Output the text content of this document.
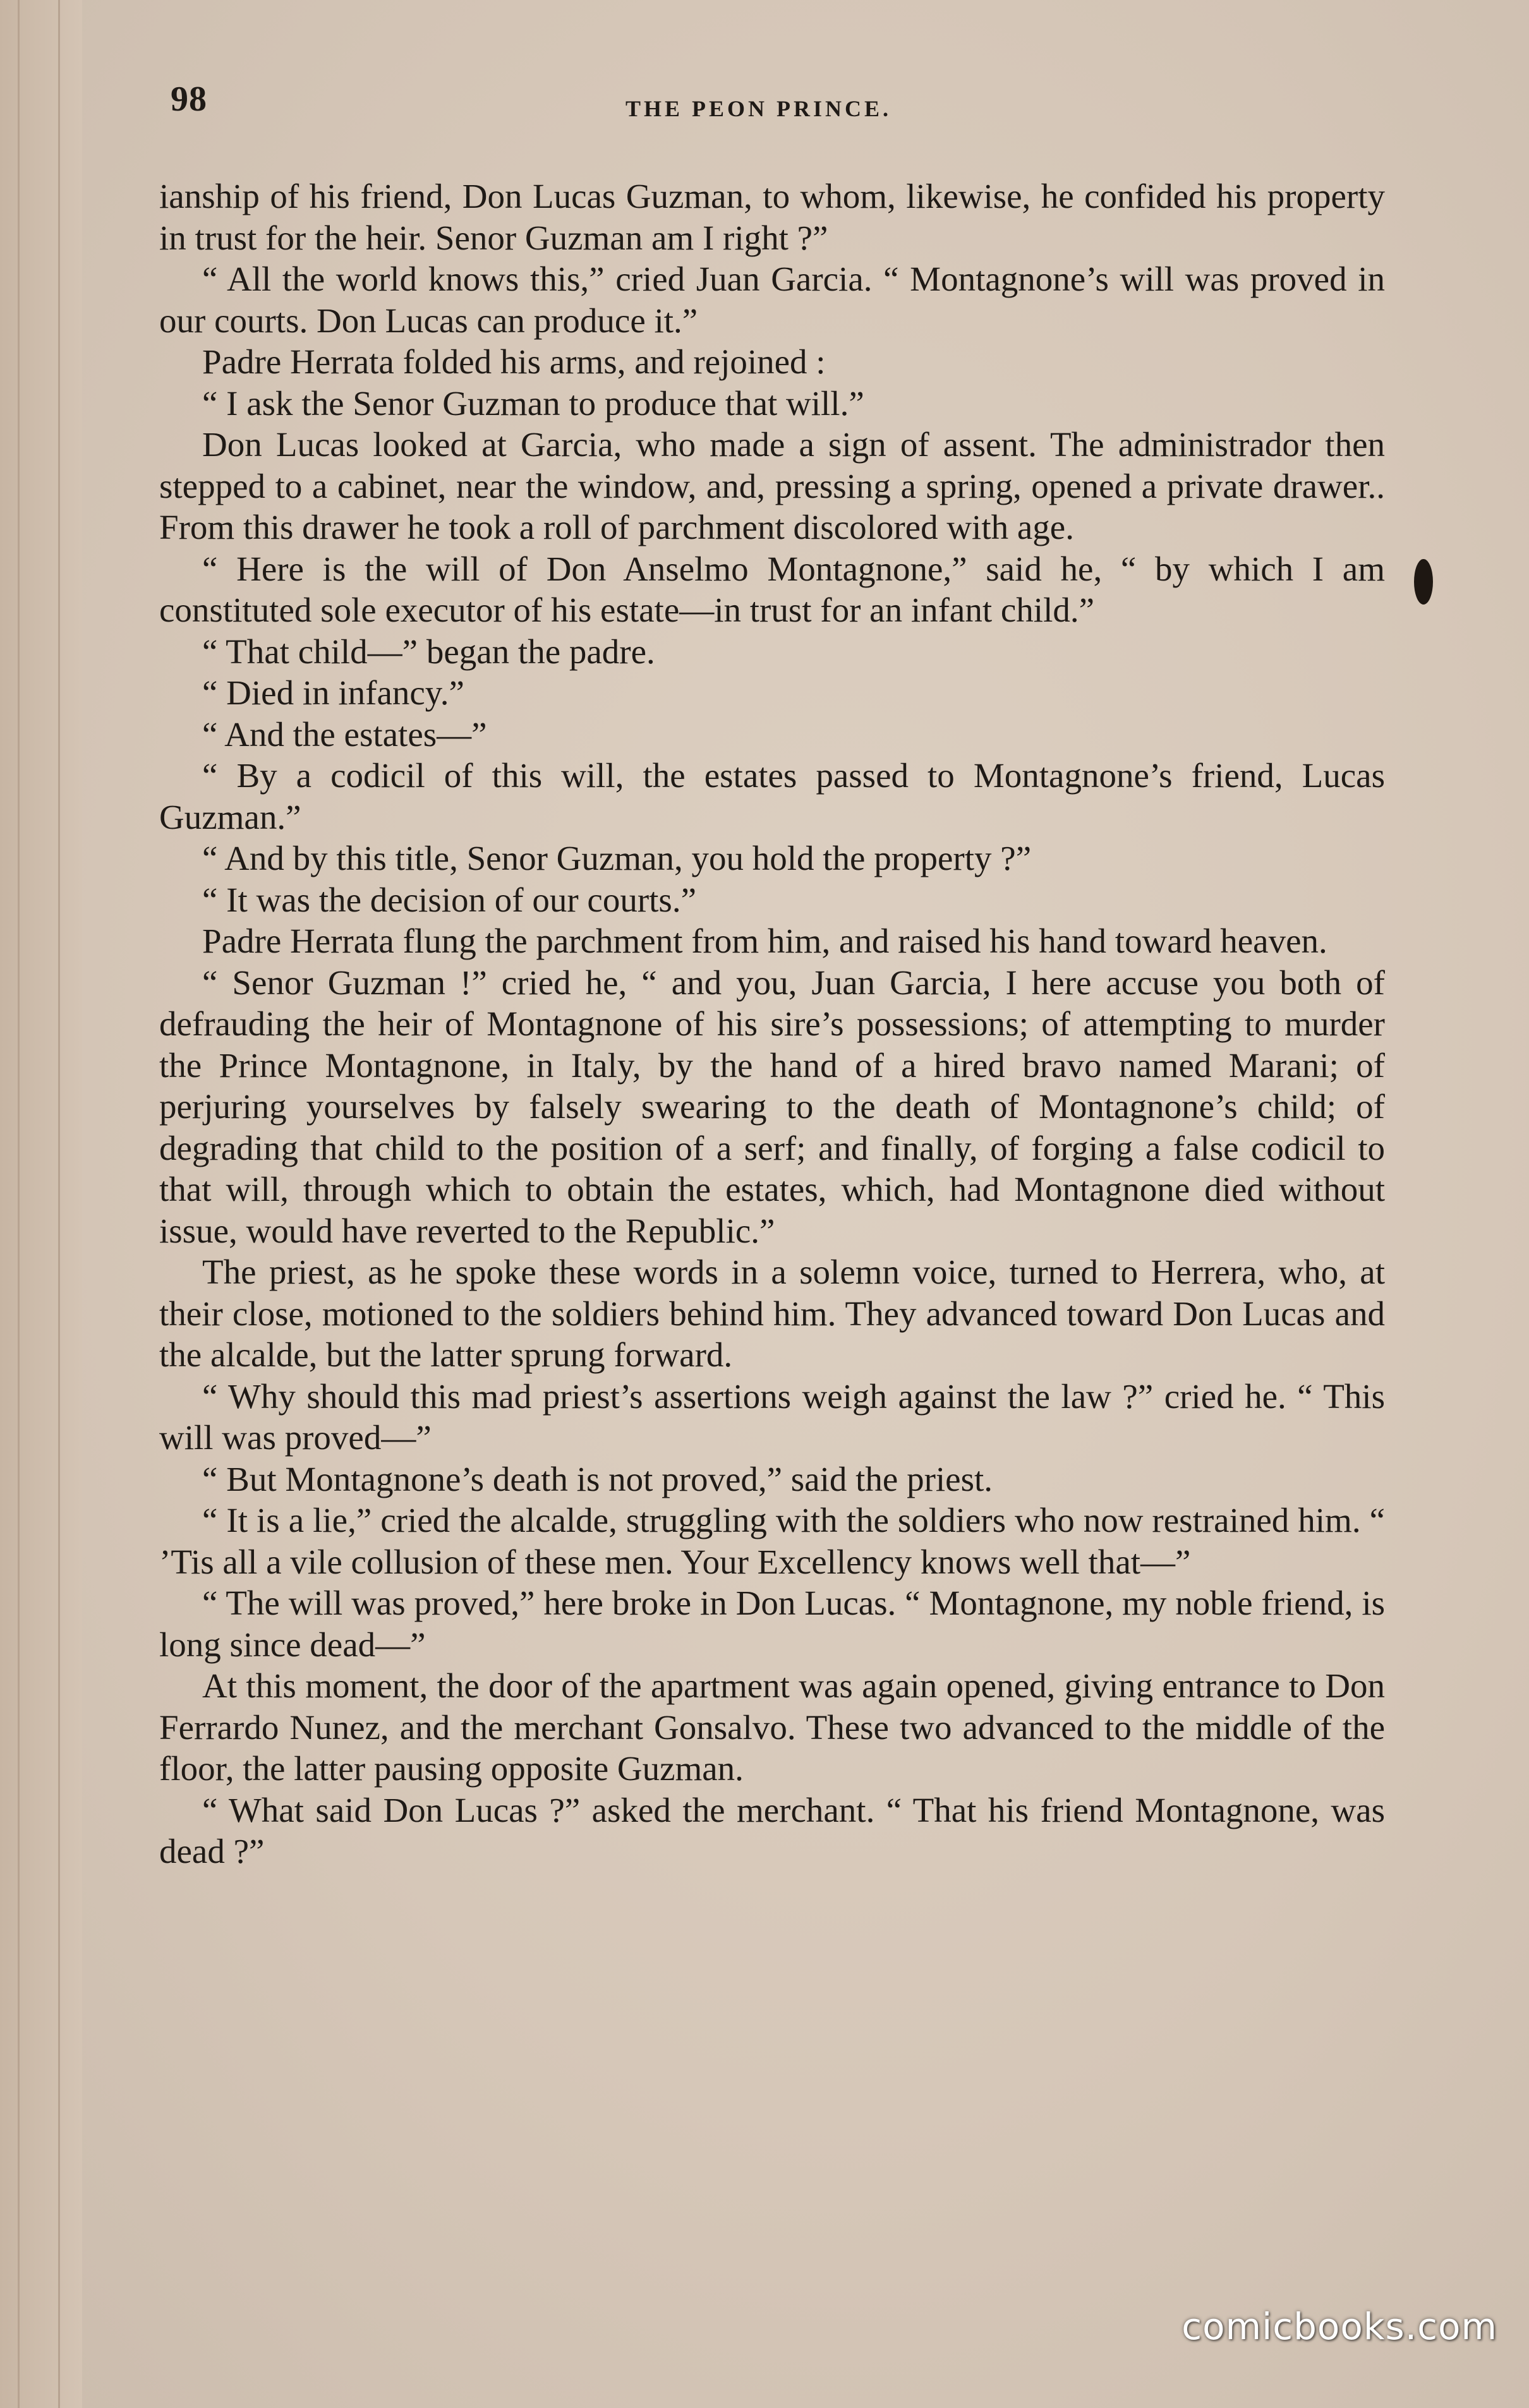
98	THE PEON PRINCE.

ianship of his friend, Don Lucas Guzman, to whom, likewise, he confided his property in trust for the heir. Senor Guzman am I right ?”

“ All the world knows this,” cried Juan Garcia. “ Montagnone’s will was proved in our courts. Don Lucas can produce it.”

Padre Herrata folded his arms, and rejoined :

“ I ask the Senor Guzman to produce that will.”

Don Lucas looked at Garcia, who made a sign of assent. The administrador then stepped to a cabinet, near the window, and, pressing a spring, opened a private drawer.. From this drawer he took a roll of parchment discolored with age.

“ Here is the will of Don Anselmo Montagnone,” said he, “ by which I am constituted sole executor of his estate—in trust for an infant child.”

“ That child—” began the padre.

“ Died in infancy.”

“ And the estates—”

“ By a codicil of this will, the estates passed to Montagnone’s friend, Lucas Guzman.”

“ And by this title, Senor Guzman, you hold the property ?”

“ It was the decision of our courts.”

Padre Herrata flung the parchment from him, and raised his hand toward heaven.

“ Senor Guzman !” cried he, “ and you, Juan Garcia, I here accuse you both of defrauding the heir of Montagnone of his sire’s possessions; of attempting to murder the Prince Montagnone, in Italy, by the hand of a hired bravo named Marani; of perjuring yourselves by falsely swearing to the death of Montagnone’s child; of degrading that child to the position of a serf; and finally, of forging a false codicil to that will, through which to obtain the estates, which, had Montagnone died without issue, would have reverted to the Republic.”

The priest, as he spoke these words in a solemn voice, turned to Herrera, who, at their close, motioned to the soldiers behind him. They advanced toward Don Lucas and the alcalde, but the latter sprung forward.

“ Why should this mad priest’s assertions weigh against the law ?” cried he. “ This will was proved—”

“ But Montagnone’s death is not proved,” said the priest.

“ It is a lie,” cried the alcalde, struggling with the soldiers who now restrained him. “ ’Tis all a vile collusion of these men. Your Excellency knows well that—”

“ The will was proved,” here broke in Don Lucas. “ Montagnone, my noble friend, is long since dead—”

At this moment, the door of the apartment was again opened, giving entrance to Don Ferrardo Nunez, and the merchant Gonsalvo. These two advanced to the middle of the floor, the latter pausing opposite Guzman.

“ What said Don Lucas ?” asked the merchant. “ That his friend Montagnone, was dead ?”

comicbooks.com
